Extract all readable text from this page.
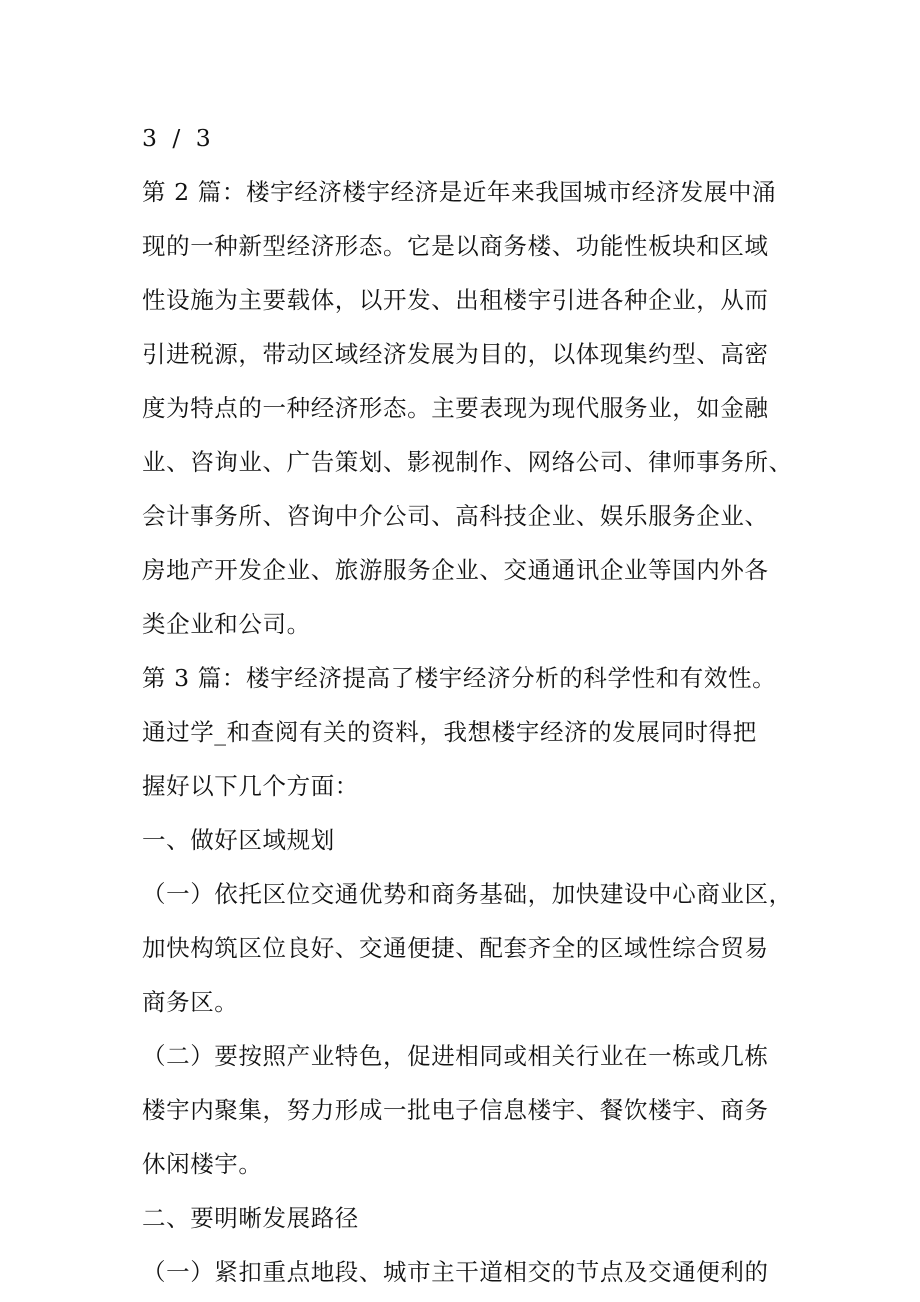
3 / 3
第 2 篇：楼宇经济楼宇经济是近年来我国城市经济发展中涌
现的一种新型经济形态。它是以商务楼、功能性板块和区域
性设施为主要载体，以开发、出租楼宇引进各种企业，从而
引进税源，带动区域经济发展为目的，以体现集约型、高密
度为特点的一种经济形态。主要表现为现代服务业，如金融
业、咨询业、广告策划、影视制作、网络公司、律师事务所、
会计事务所、咨询中介公司、高科技企业、娱乐服务企业、
房地产开发企业、旅游服务企业、交通通讯企业等国内外各
类企业和公司。
第 3 篇：楼宇经济提高了楼宇经济分析的科学性和有效性。
通过学_和查阅有关的资料，我想楼宇经济的发展同时得把
握好以下几个方面：
一、做好区域规划
（一）依托区位交通优势和商务基础，加快建设中心商业区，
加快构筑区位良好、交通便捷、配套齐全的区域性综合贸易
商务区。
（二）要按照产业特色，促进相同或相关行业在一栋或几栋
楼宇内聚集，努力形成一批电子信息楼宇、餐饮楼宇、商务
休闲楼宇。
二、要明晰发展路径
（一）紧扣重点地段、城市主干道相交的节点及交通便利的
